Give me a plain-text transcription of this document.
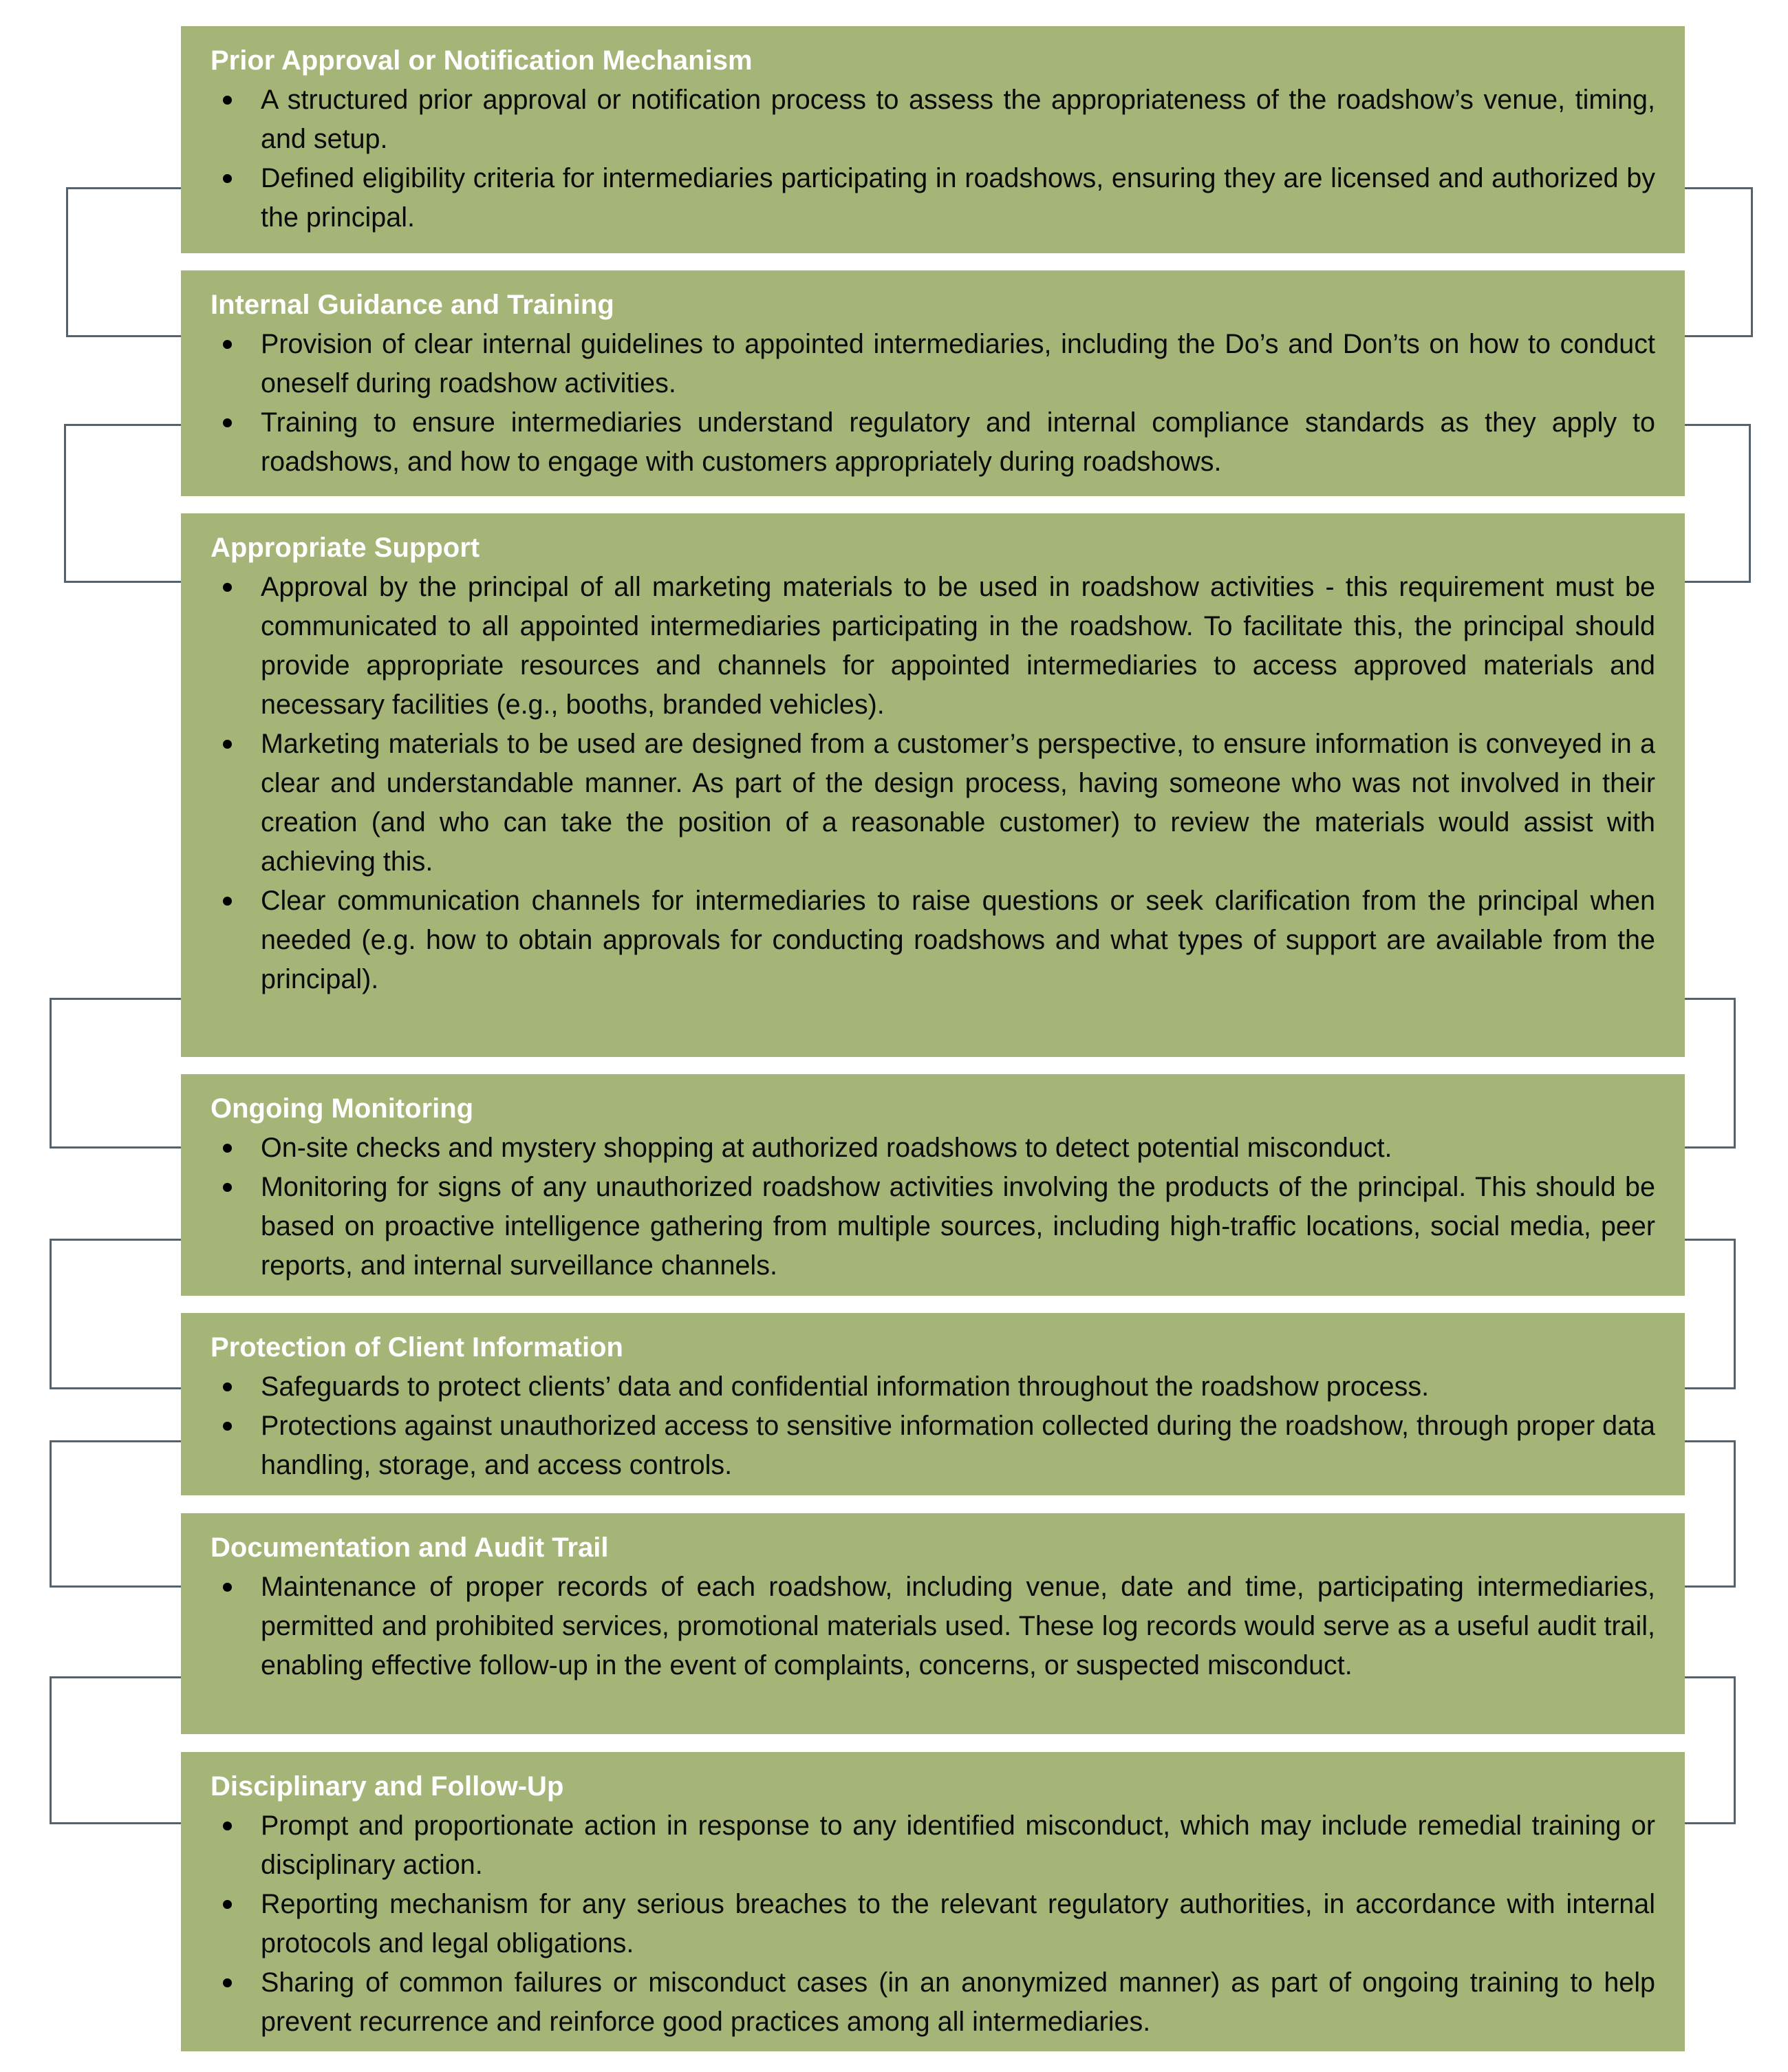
Prior Approval or Notification Mechanism
A structured prior approval or notification process to assess the appropriateness of the roadshow’s venue, timing, and setup.
Defined eligibility criteria for intermediaries participating in roadshows, ensuring they are licensed and authorized by the principal.
Internal Guidance and Training
Provision of clear internal guidelines to appointed intermediaries, including the Do’s and Don’ts on how to conduct oneself during roadshow activities.
Training to ensure intermediaries understand regulatory and internal compliance standards as they apply to roadshows, and how to engage with customers appropriately during roadshows.
Appropriate Support
Approval by the principal of all marketing materials to be used in roadshow activities - this requirement must be communicated to all appointed intermediaries participating in the roadshow. To facilitate this, the principal should provide appropriate resources and channels for appointed intermediaries to access approved materials and necessary facilities (e.g., booths, branded vehicles).
Marketing materials to be used are designed from a customer’s perspective, to ensure information is conveyed in a clear and understandable manner. As part of the design process, having someone who was not involved in their creation (and who can take the position of a reasonable customer) to review the materials would assist with achieving this.
Clear communication channels for intermediaries to raise questions or seek clarification from the principal when needed (e.g. how to obtain approvals for conducting roadshows and what types of support are available from the principal).
Ongoing Monitoring
On-site checks and mystery shopping at authorized roadshows to detect potential misconduct.
Monitoring for signs of any unauthorized roadshow activities involving the products of the principal. This should be based on proactive intelligence gathering from multiple sources, including high-traffic locations, social media, peer reports, and internal surveillance channels.
Protection of Client Information
Safeguards to protect clients’ data and confidential information throughout the roadshow process.
Protections against unauthorized access to sensitive information collected during the roadshow, through proper data handling, storage, and access controls.
Documentation and Audit Trail
Maintenance of proper records of each roadshow, including venue, date and time, participating intermediaries, permitted and prohibited services, promotional materials used. These log records would serve as a useful audit trail, enabling effective follow-up in the event of complaints, concerns, or suspected misconduct.
Disciplinary and Follow-Up
Prompt and proportionate action in response to any identified misconduct, which may include remedial training or disciplinary action.
Reporting mechanism for any serious breaches to the relevant regulatory authorities, in accordance with internal protocols and legal obligations.
Sharing of common failures or misconduct cases (in an anonymized manner) as part of ongoing training to help prevent recurrence and reinforce good practices among all intermediaries.
